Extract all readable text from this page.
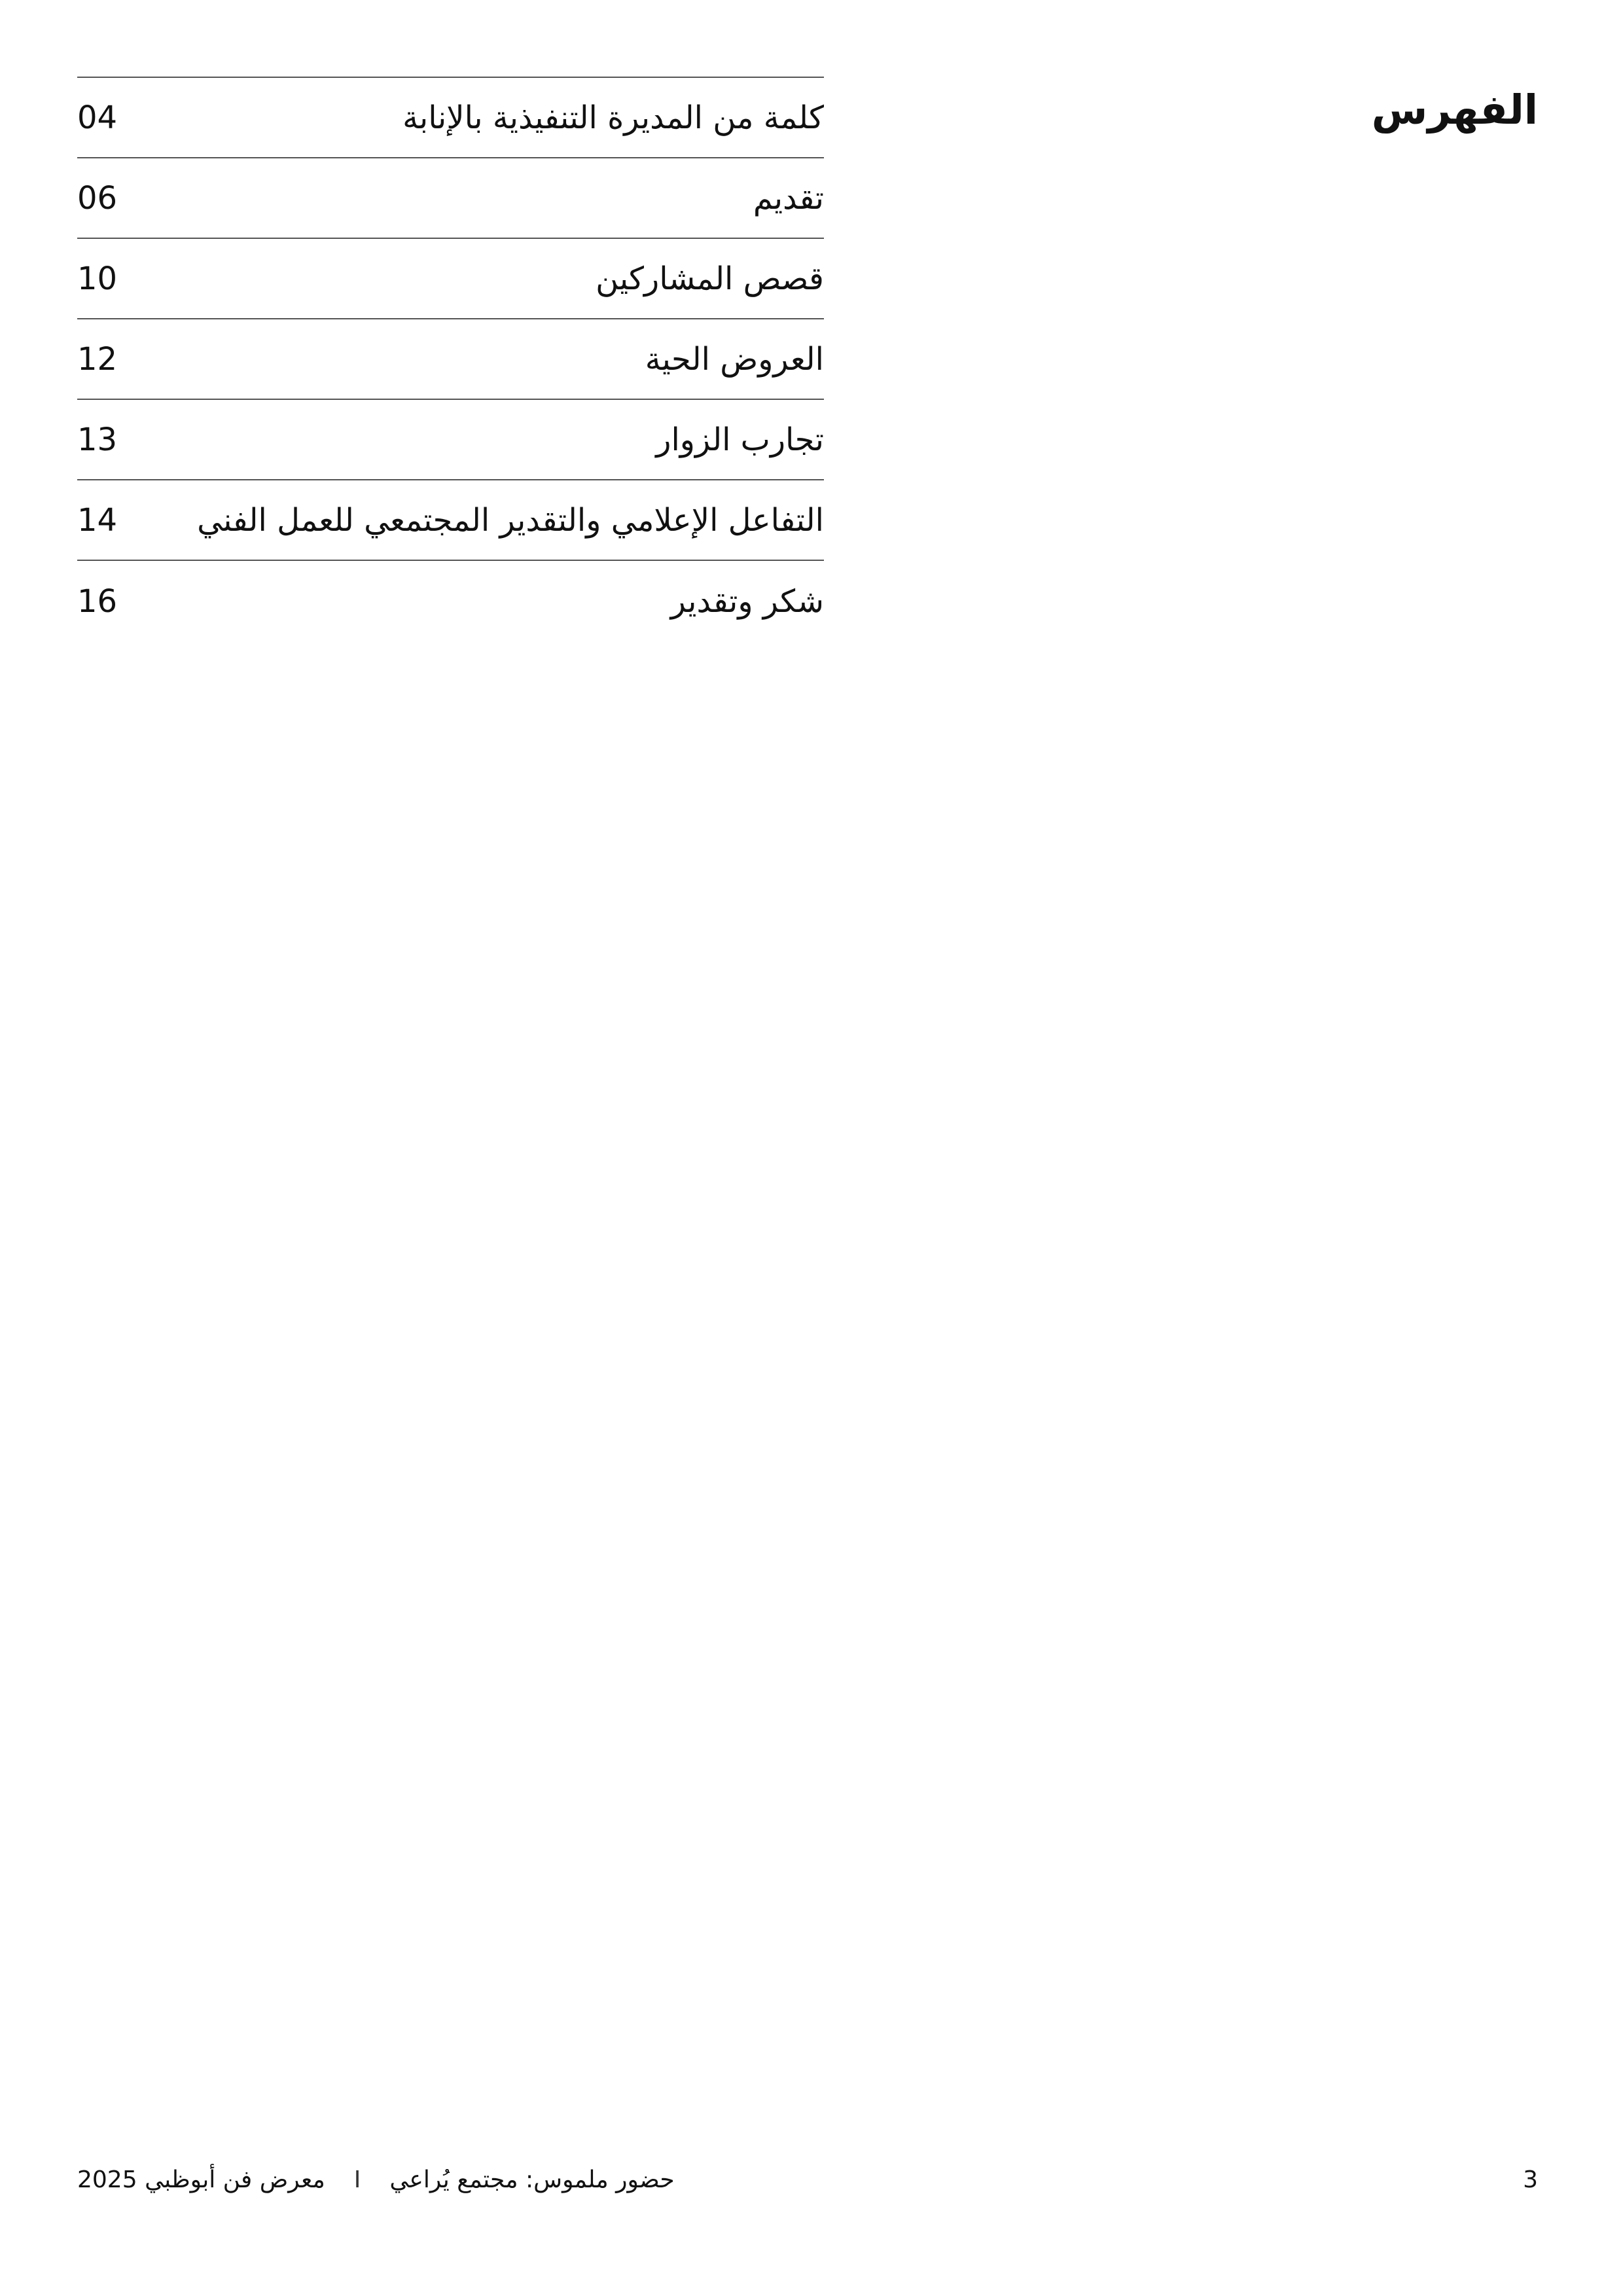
الفهرس
04	كلمة من المديرة التنفيذية بالإنابة
06	تقديم
10	قصص المشاركين
12	العروض الحية
13	تجارب الزوار
14	التفاعل الإعلامي والتقدير المجتمعي للعمل الفني
16	شكر وتقدير
معرض فن أبوظبي 2025 I حضور ملموس: مجتمع يُراعي	3
